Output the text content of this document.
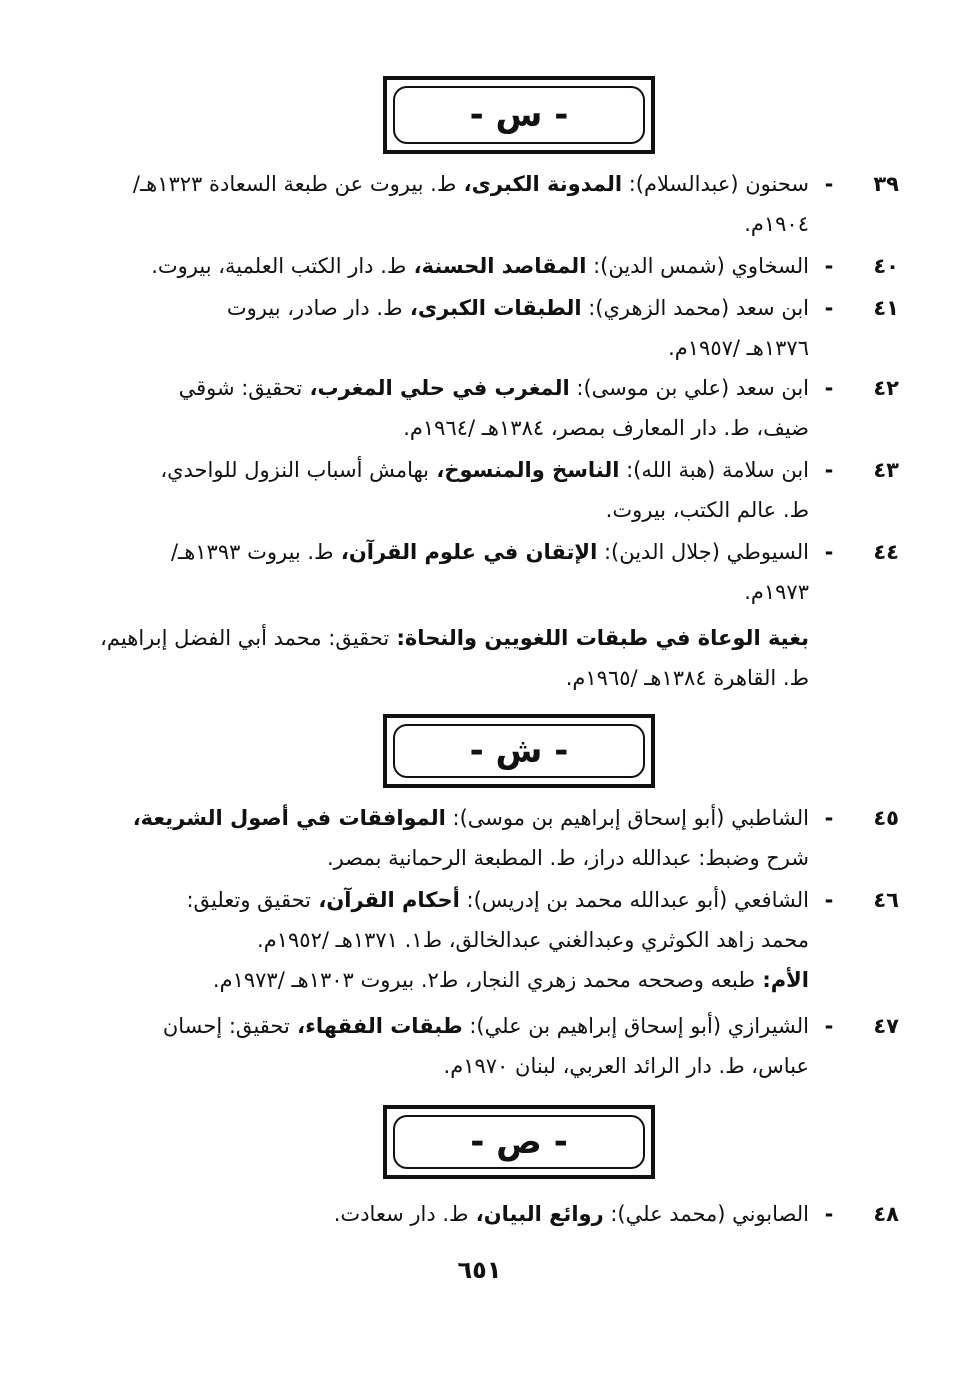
- س -
٣٩
-
سحنون (عبدالسلام): المدونة الكبرى، ط. بيروت عن طبعة السعادة ١٣٢٣هـ/
١٩٠٤م.
٤٠
-
السخاوي (شمس الدين): المقاصد الحسنة، ط. دار الكتب العلمية، بيروت.
٤١
-
ابن سعد (محمد الزهري): الطبقات الكبرى، ط. دار صادر، بيروت
١٣٧٦هـ /١٩٥٧م.
٤٢
-
ابن سعد (علي بن موسى): المغرب في حلي المغرب، تحقيق: شوقي
ضيف، ط. دار المعارف بمصر، ١٣٨٤هـ /١٩٦٤م.
٤٣
-
ابن سلامة (هبة الله): الناسخ والمنسوخ، بهامش أسباب النزول للواحدي،
ط. عالم الكتب، بيروت.
٤٤
-
السيوطي (جلال الدين): الإتقان في علوم القرآن، ط. بيروت ١٣٩٣هـ/
١٩٧٣م.
بغية الوعاة في طبقات اللغويين والنحاة: تحقيق: محمد أبي الفضل إبراهيم،
ط. القاهرة ١٣٨٤هـ /١٩٦٥م.
- ش -
٤٥
-
الشاطبي (أبو إسحاق إبراهيم بن موسى): الموافقات في أصول الشريعة،
شرح وضبط: عبدالله دراز، ط. المطبعة الرحمانية بمصر.
٤٦
-
الشافعي (أبو عبدالله محمد بن إدريس): أحكام القرآن، تحقيق وتعليق:
محمد زاهد الكوثري وعبدالغني عبدالخالق، ط١. ١٣٧١هـ /١٩٥٢م.
الأم: طبعه وصححه محمد زهري النجار، ط٢. بيروت ١٣٠٣هـ /١٩٧٣م.
٤٧
-
الشيرازي (أبو إسحاق إبراهيم بن علي): طبقات الفقهاء، تحقيق: إحسان
عباس، ط. دار الرائد العربي، لبنان ١٩٧٠م.
- ص -
٤٨
-
الصابوني (محمد علي): روائع البيان، ط. دار سعادت.
٦٥١
